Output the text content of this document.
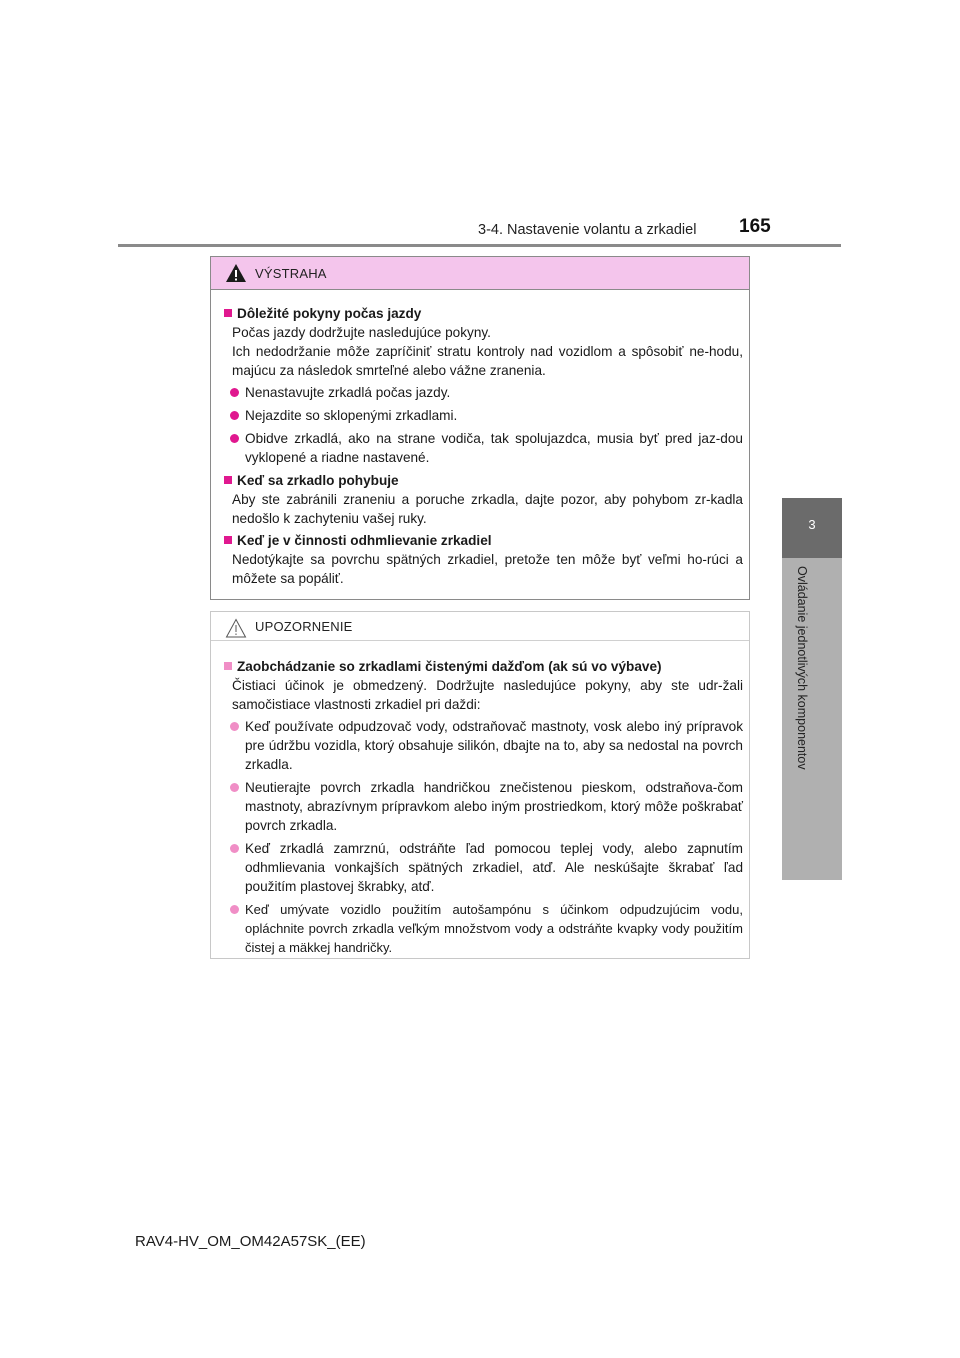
3-4. Nastavenie volantu a zrkadiel 165
3
Ovládanie jednotlivých komponentov
VÝSTRAHA
Dôležité pokyny počas jazdy
Počas jazdy dodržujte nasledujúce pokyny.
Ich nedodržanie môže zapríčiniť stratu kontroly nad vozidlom a spôsobiť ne-hodu, majúcu za následok smrteľné alebo vážne zranenia.
Nenastavujte zrkadlá počas jazdy.
Nejazdite so sklopenými zrkadlami.
Obidve zrkadlá, ako na strane vodiča, tak spolujazdca, musia byť pred jaz-dou vyklopené a riadne nastavené.
Keď sa zrkadlo pohybuje
Aby ste zabránili zraneniu a poruche zrkadla, dajte pozor, aby pohybom zr-kadla nedošlo k zachyteniu vašej ruky.
Keď je v činnosti odhmlievanie zrkadiel
Nedotýkajte sa povrchu spätných zrkadiel, pretože ten môže byť veľmi ho-rúci a môžete sa popáliť.
UPOZORNENIE
Zaobchádzanie so zrkadlami čistenými dažďom (ak sú vo výbave)
Čistiaci účinok je obmedzený. Dodržujte nasledujúce pokyny, aby ste udr-žali samočistiace vlastnosti zrkadiel pri daždi:
Keď používate odpudzovač vody, odstraňovač mastnoty, vosk alebo iný prípravok pre údržbu vozidla, ktorý obsahuje silikón, dbajte na to, aby sa nedostal na povrch zrkadla.
Neutierajte povrch zrkadla handričkou znečistenou pieskom, odstraňova-čom mastnoty, abrazívnym prípravkom alebo iným prostriedkom, ktorý môže poškrabať povrch zrkadla.
Keď zrkadlá zamrznú, odstráňte ľad pomocou teplej vody, alebo zapnutím odhmlievania vonkajších spätných zrkadiel, atď. Ale neskúšajte škrabať ľad použitím plastovej škrabky, atď.
Keď umývate vozidlo použitím autošampónu s účinkom odpudzujúcim vodu, opláchnite povrch zrkadla veľkým množstvom vody a odstráňte kvapky vody použitím čistej a mäkkej handričky.
RAV4-HV_OM_OM42A57SK_(EE)
